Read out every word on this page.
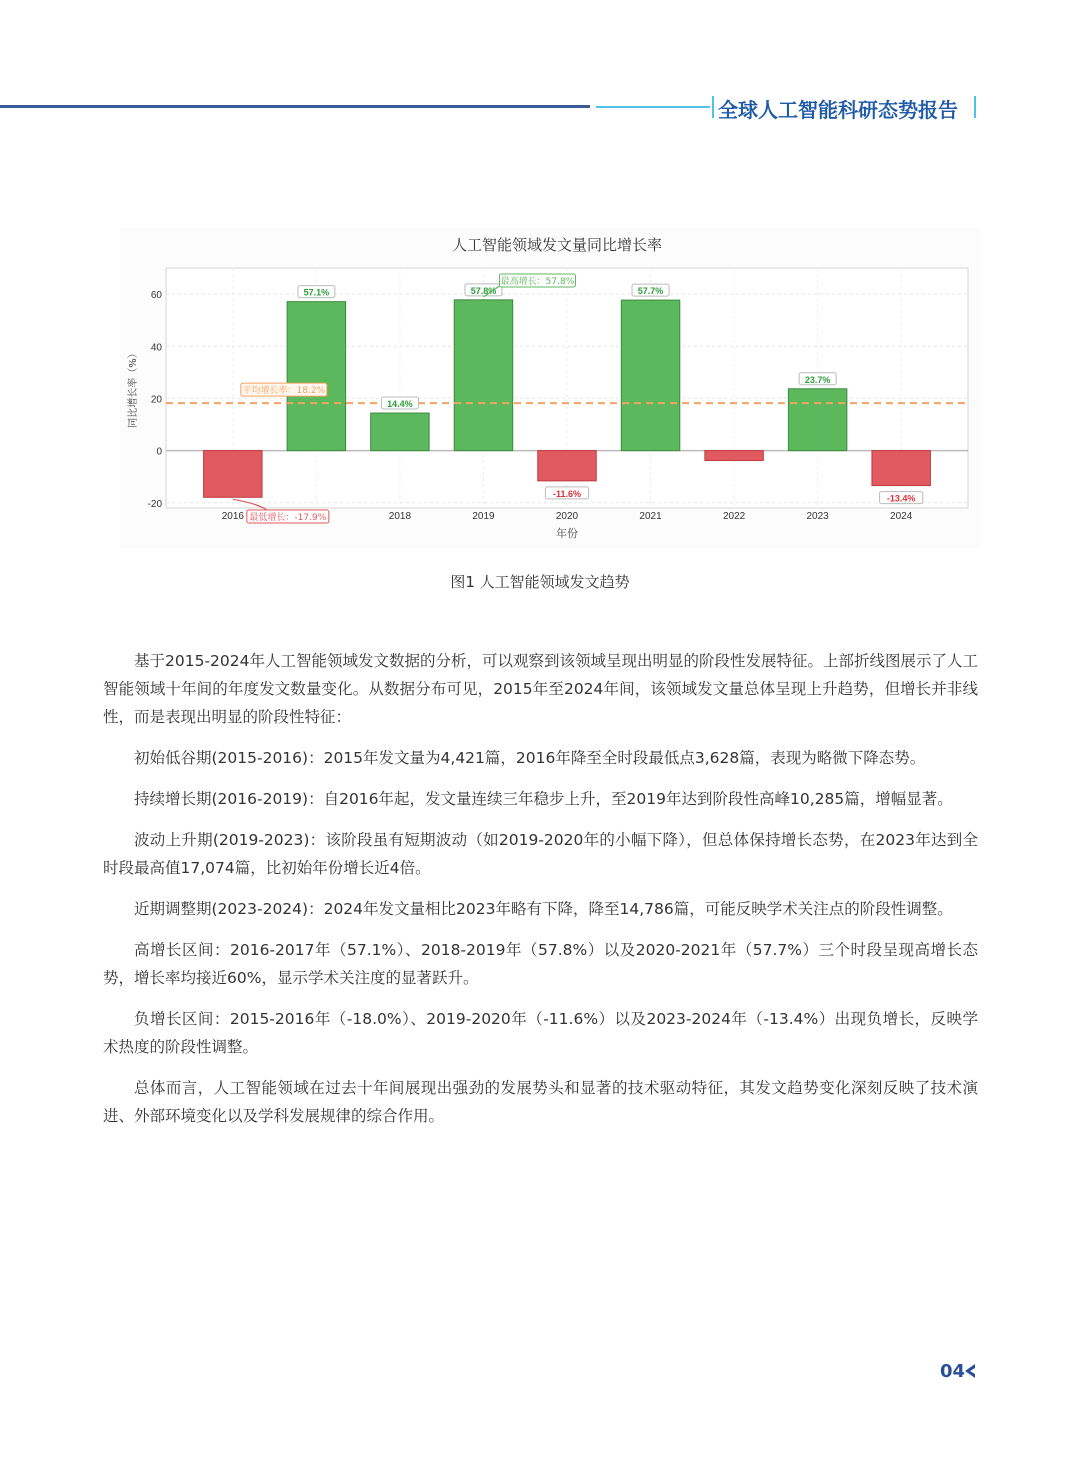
全球人工智能科研态势报告
-20
0
20
40
60
平均增长率：18.2%
57.1%
14.4%
57.8%
-11.6%
57.7%
23.7%
-13.4%
2016	2018	2019	2020	2021	2022	2023	2024
最高增长：57.8%
最低增长：-17.9%
人工智能领域发文量同比增长率
年份
同比增长率（%）
图1 人工智能领域发文趋势

基于2015-2024年人工智能领域发文数据的分析，可以观察到该领域呈现出明显的阶段性发展特征。上部折线图展示了人工智能领域十年间的年度发文数量变化。从数据分布可见，2015年至2024年间，该领域发文量总体呈现上升趋势，但增长并非线性，而是表现出明显的阶段性特征：

初始低谷期(2015-2016)：2015年发文量为4,421篇，2016年降至全时段最低点3,628篇，表现为略微下降态势。

持续增长期(2016-2019)：自2016年起，发文量连续三年稳步上升，至2019年达到阶段性高峰10,285篇，增幅显著。

波动上升期(2019-2023)：该阶段虽有短期波动（如2019-2020年的小幅下降），但总体保持增长态势，在2023年达到全时段最高值17,074篇，比初始年份增长近4倍。

近期调整期(2023-2024)：2024年发文量相比2023年略有下降，降至14,786篇，可能反映学术关注点的阶段性调整。

高增长区间：2016-2017年（57.1%）、2018-2019年（57.8%）以及2020-2021年（57.7%）三个时段呈现高增长态势，增长率均接近60%，显示学术关注度的显著跃升。

负增长区间：2015-2016年（-18.0%）、2019-2020年（-11.6%）以及2023-2024年（-13.4%）出现负增长，反映学术热度的阶段性调整。

总体而言，人工智能领域在过去十年间展现出强劲的发展势头和显著的技术驱动特征，其发文趋势变化深刻反映了技术演进、外部环境变化以及学科发展规律的综合作用。

04
